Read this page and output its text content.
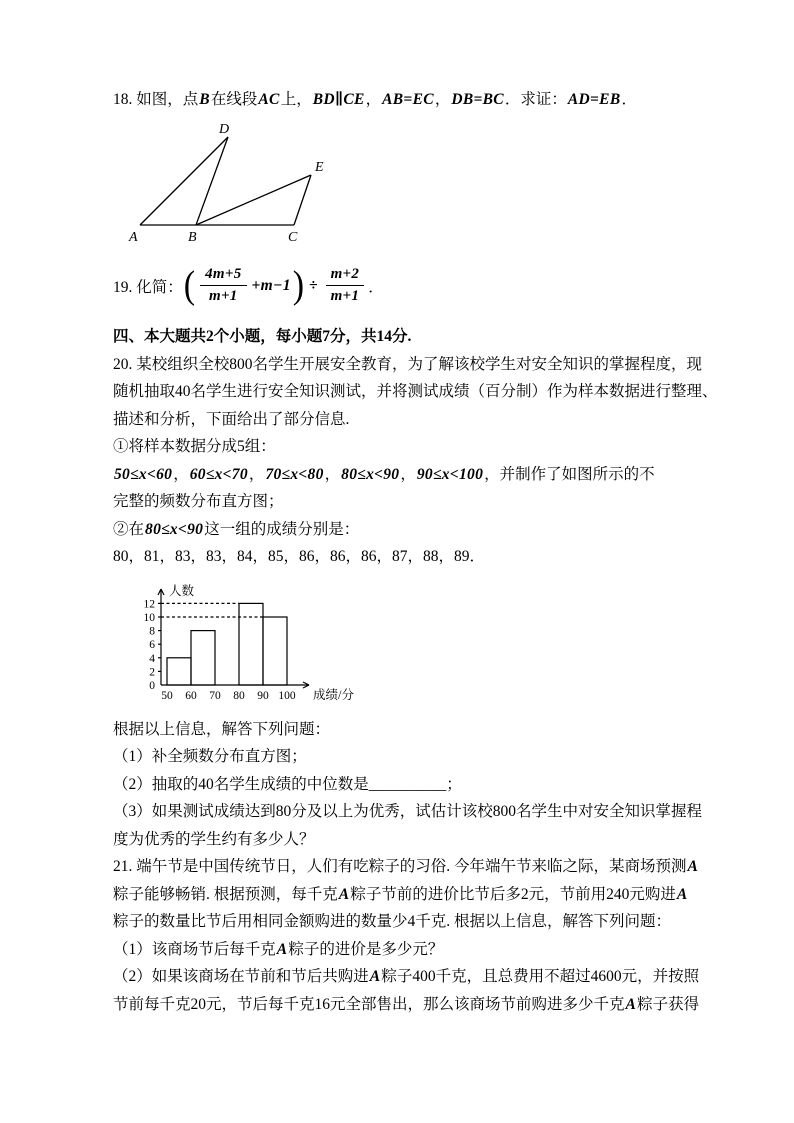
18. 如图，点B在线段AC上，BD∥CE，AB=EC，DB=BC．求证：AD=EB．

A	B	C
D
E
19. 化简： ( $\frac{4m+5}{m+1} +m-1$ ) ÷ $\frac{m+2}{m+1}$ ．

四、本大题共2个小题，每小题7分，共14分.

20. 某校组织全校800名学生开展安全教育，为了解该校学生对安全知识的掌握程度，现

随机抽取40名学生进行安全知识测试，并将测试成绩（百分制）作为样本数据进行整理、

描述和分析，下面给出了部分信息.

①将样本数据分成5组：

50≤x<60，60≤x<70，70≤x<80，80≤x<90，90≤x<100，并制作了如图所示的不

完整的频数分布直方图；

②在80≤x<90这一组的成绩分别是：

80，81，83，83，84，85，86，86，86，87，88，89．

0
2
4
6
8
10
12
50 60 70 80 90 100
人数
成绩/分

根据以上信息，解答下列问题：

（1）补全频数分布直方图；

（2）抽取的40名学生成绩的中位数是__________；

（3）如果测试成绩达到80分及以上为优秀，试估计该校800名学生中对安全知识掌握程

度为优秀的学生约有多少人？

21. 端午节是中国传统节日，人们有吃粽子的习俗. 今年端午节来临之际，某商场预测A

粽子能够畅销. 根据预测，每千克A粽子节前的进价比节后多2元，节前用240元购进A

粽子的数量比节后用相同金额购进的数量少4千克. 根据以上信息，解答下列问题：

（1）该商场节后每千克A粽子的进价是多少元？

（2）如果该商场在节前和节后共购进A粽子400千克，且总费用不超过4600元，并按照

节前每千克20元，节后每千克16元全部售出，那么该商场节前购进多少千克A粽子获得
